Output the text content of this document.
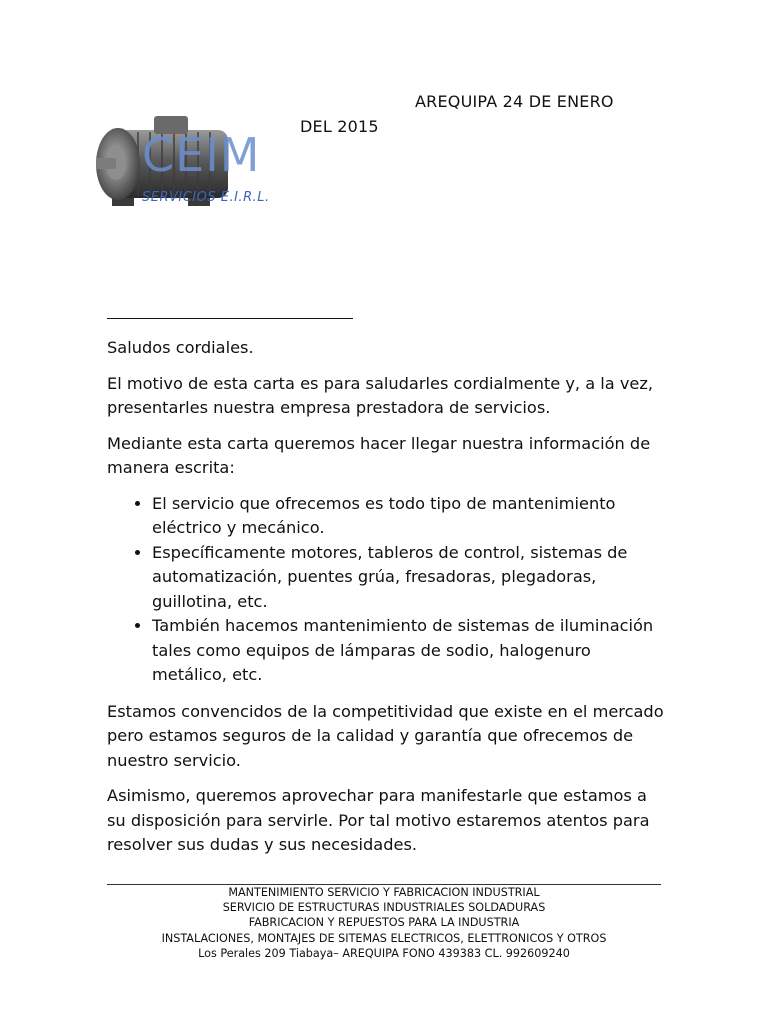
AREQUIPA 24 DE ENERO
DEL 2015
CEIM
SERVICIOS E.I.R.L.

Saludos cordiales.

El motivo de esta carta es para saludarles cordialmente y, a la vez, presentarles nuestra empresa prestadora de servicios.

Mediante esta carta queremos hacer llegar nuestra información de manera escrita:

• El servicio que ofrecemos es todo tipo de mantenimiento eléctrico y mecánico.
• Específicamente motores, tableros de control, sistemas de automatización, puentes grúa, fresadoras, plegadoras, guillotina, etc.
• También hacemos mantenimiento de sistemas de iluminación tales como equipos de lámparas de sodio, halogenuro metálico, etc.

Estamos convencidos de la competitividad que existe en el mercado pero estamos seguros de la calidad y garantía que ofrecemos de nuestro servicio.

Asimismo, queremos aprovechar para manifestarle que estamos a su disposición para servirle. Por tal motivo estaremos atentos para resolver sus dudas y sus necesidades.

MANTENIMIENTO SERVICIO Y FABRICACION INDUSTRIAL
SERVICIO DE ESTRUCTURAS INDUSTRIALES SOLDADURAS
FABRICACION Y REPUESTOS PARA LA INDUSTRIA
INSTALACIONES, MONTAJES DE SITEMAS ELECTRICOS, ELETTRONICOS Y OTROS
Los Perales 209 Tiabaya– AREQUIPA FONO 439383 CL. 992609240
